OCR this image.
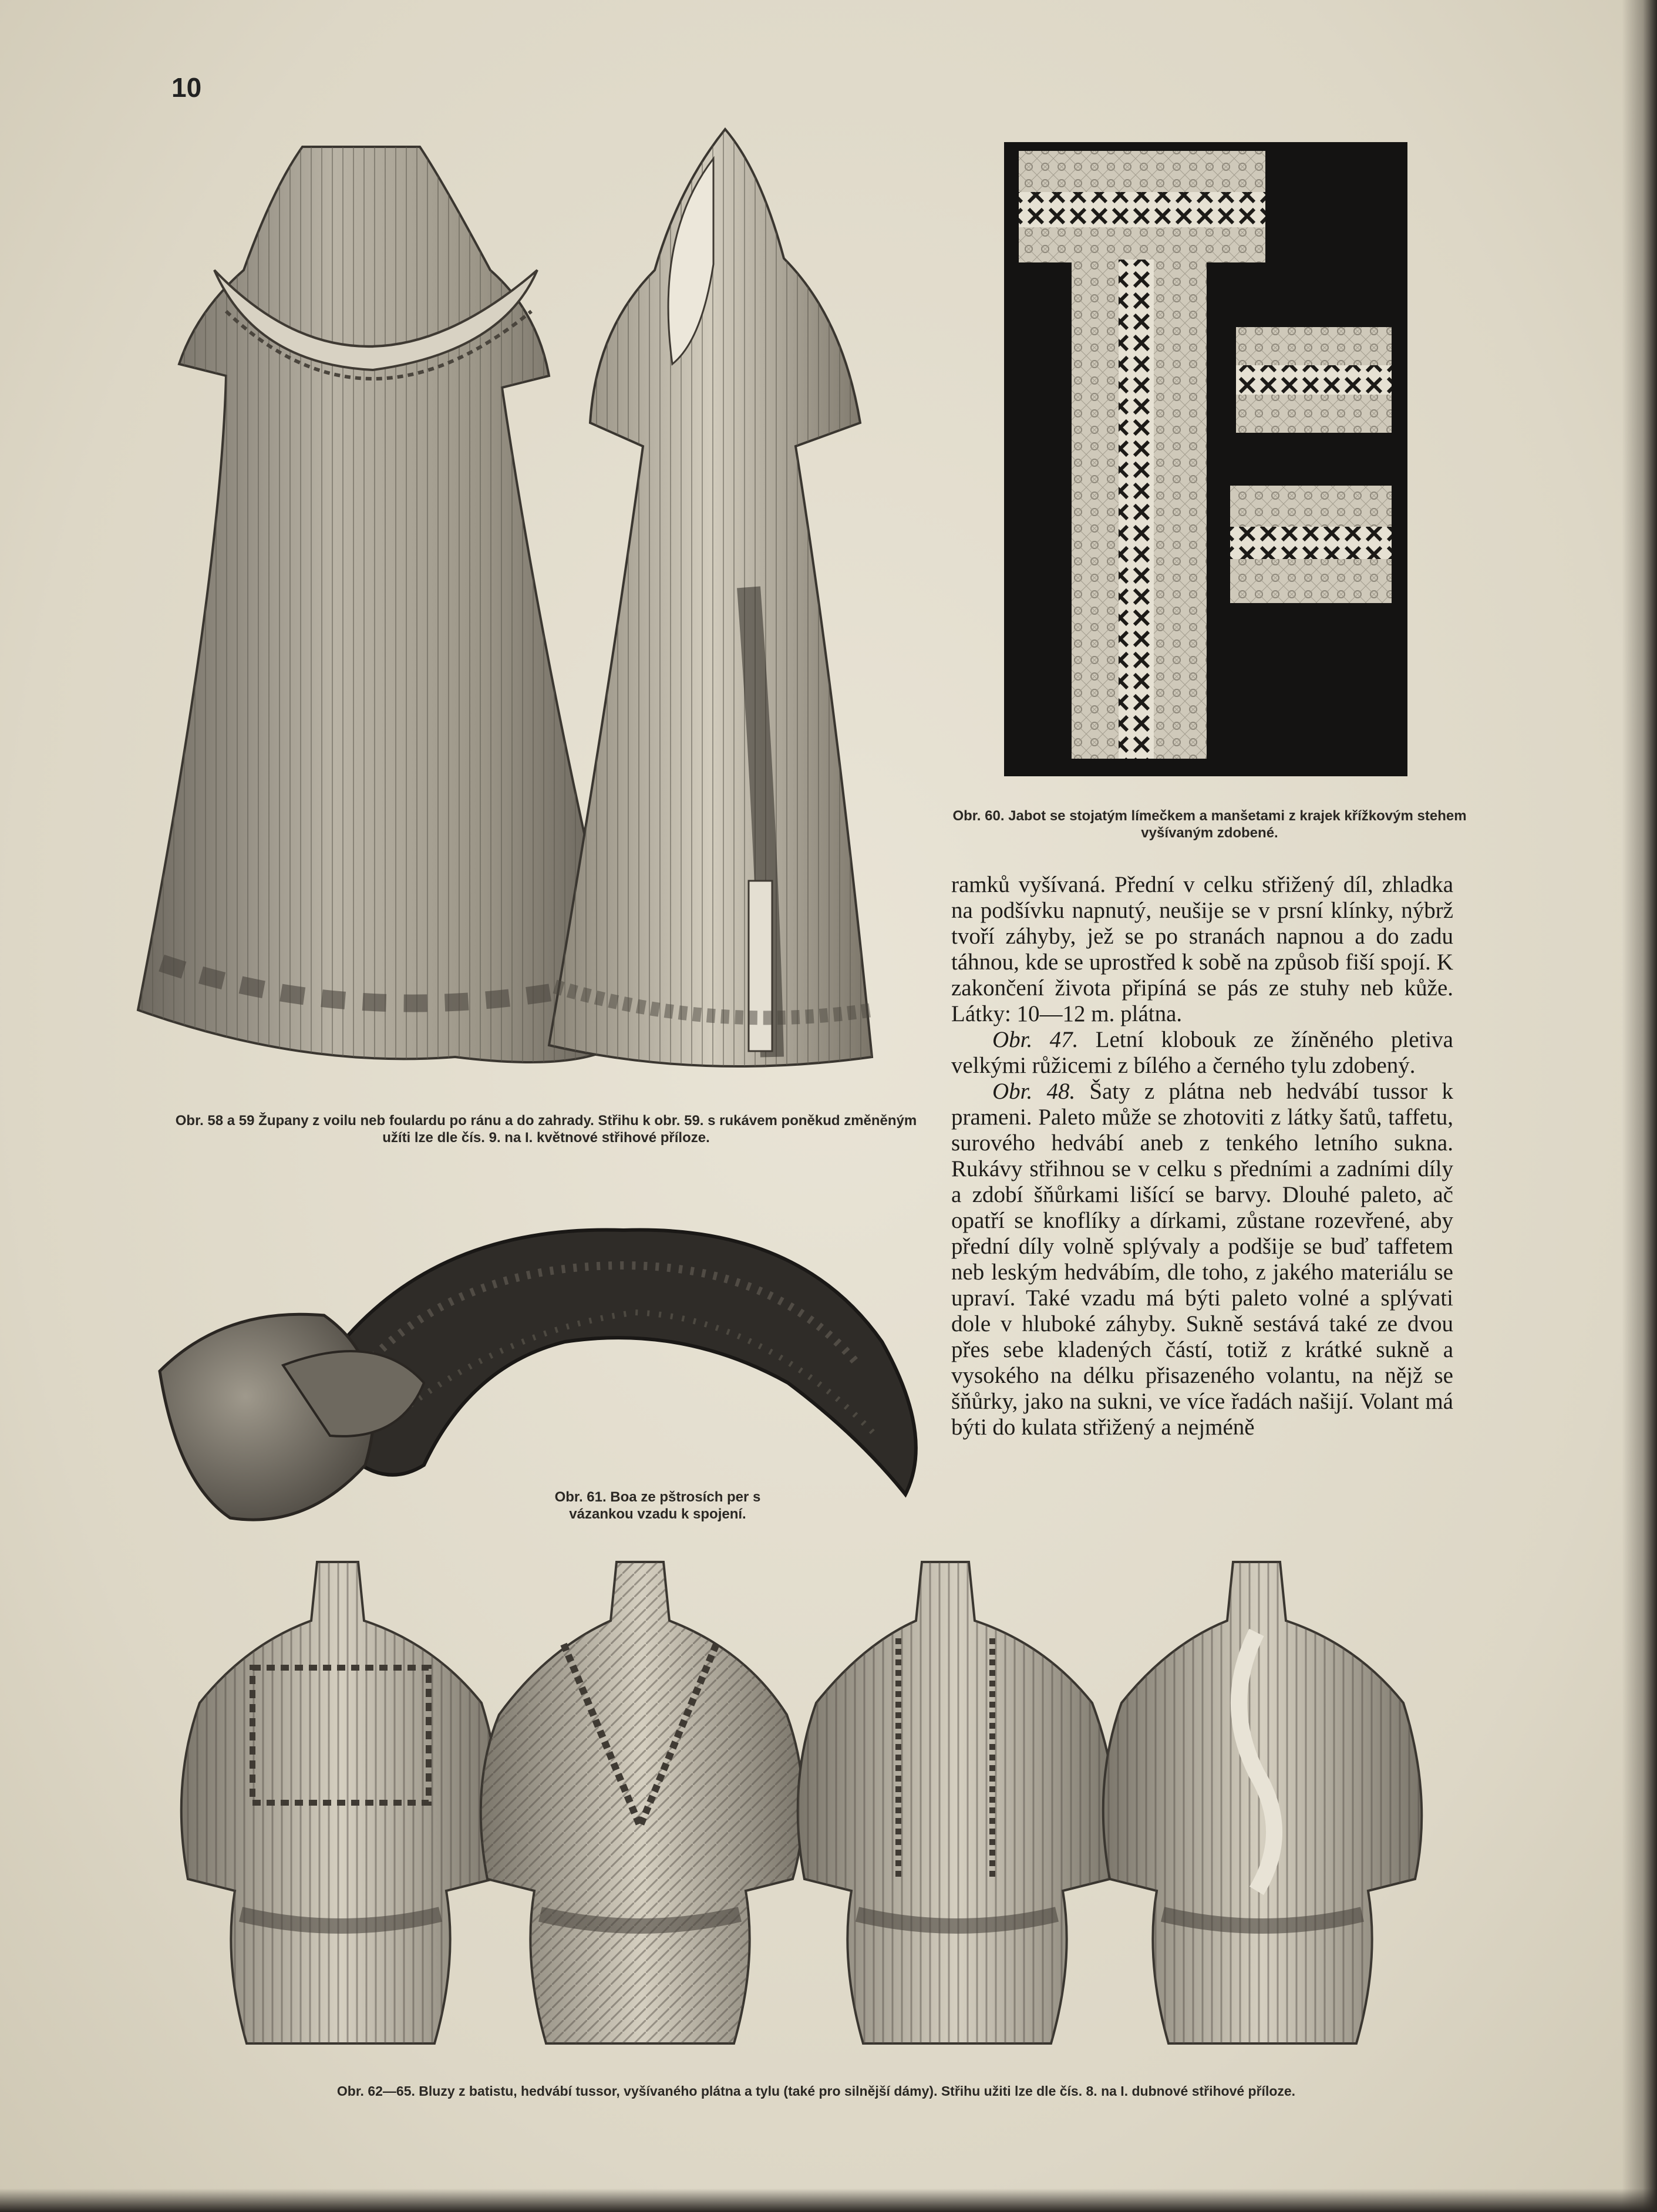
10
Obr. 58 a 59 Župany z voilu neb foulardu po ránu a do zahrady. Střihu k obr. 59. s rukávem poněkud změněným užíti lze dle čís. 9. na I. květnové střihové příloze.
Obr. 60. Jabot se stojatým límečkem a manšetami z krajek křížkovým stehem vyšívaným zdobené.
Obr. 61. Boa ze pštrosích per s vázankou vzadu k spojení.

ramků vyšívaná. Přední v celku střižený díl, zhladka na podšívku napnutý, neušije se v prsní klínky, nýbrž tvoří záhyby, jež se po stranách napnou a do zadu táhnou, kde se uprostřed k sobě na způsob fiší spojí. K zakončení života připíná se pás ze stuhy neb kůže. Látky: 10—12 m. plátna.

Obr. 47. Letní klobouk ze žíněného pletiva velkými růžicemi z bílého a černého tylu zdobený.

Obr. 48. Šaty z plátna neb hedvábí tussor k prameni. Paleto může se zhotoviti z látky šatů, taffetu, surového hedvábí aneb z tenkého letního sukna. Rukávy střihnou se v celku s předními a zadními díly a zdobí šňůrkami lišící se barvy. Dlouhé paleto, ač opatří se knoflíky a dírkami, zůstane rozevřené, aby přední díly volně splývaly a podšije se buď taffetem neb leským hedvábím, dle toho, z jakého materiálu se upraví. Také vzadu má býti paleto volné a splývati dole v hluboké záhyby. Sukně sestává také ze dvou přes sebe kladených částí, totiž z krátké sukně a vysokého na délku přisazeného volantu, na nějž se šňůrky, jako na sukni, ve více řadách našijí. Volant má býti do kulata střižený a nejméně

Obr. 62—65. Bluzy z batistu, hedvábí tussor, vyšívaného plátna a tylu (také pro silnější dámy). Střihu užiti lze dle čís. 8. na I. dubnové střihové příloze.
